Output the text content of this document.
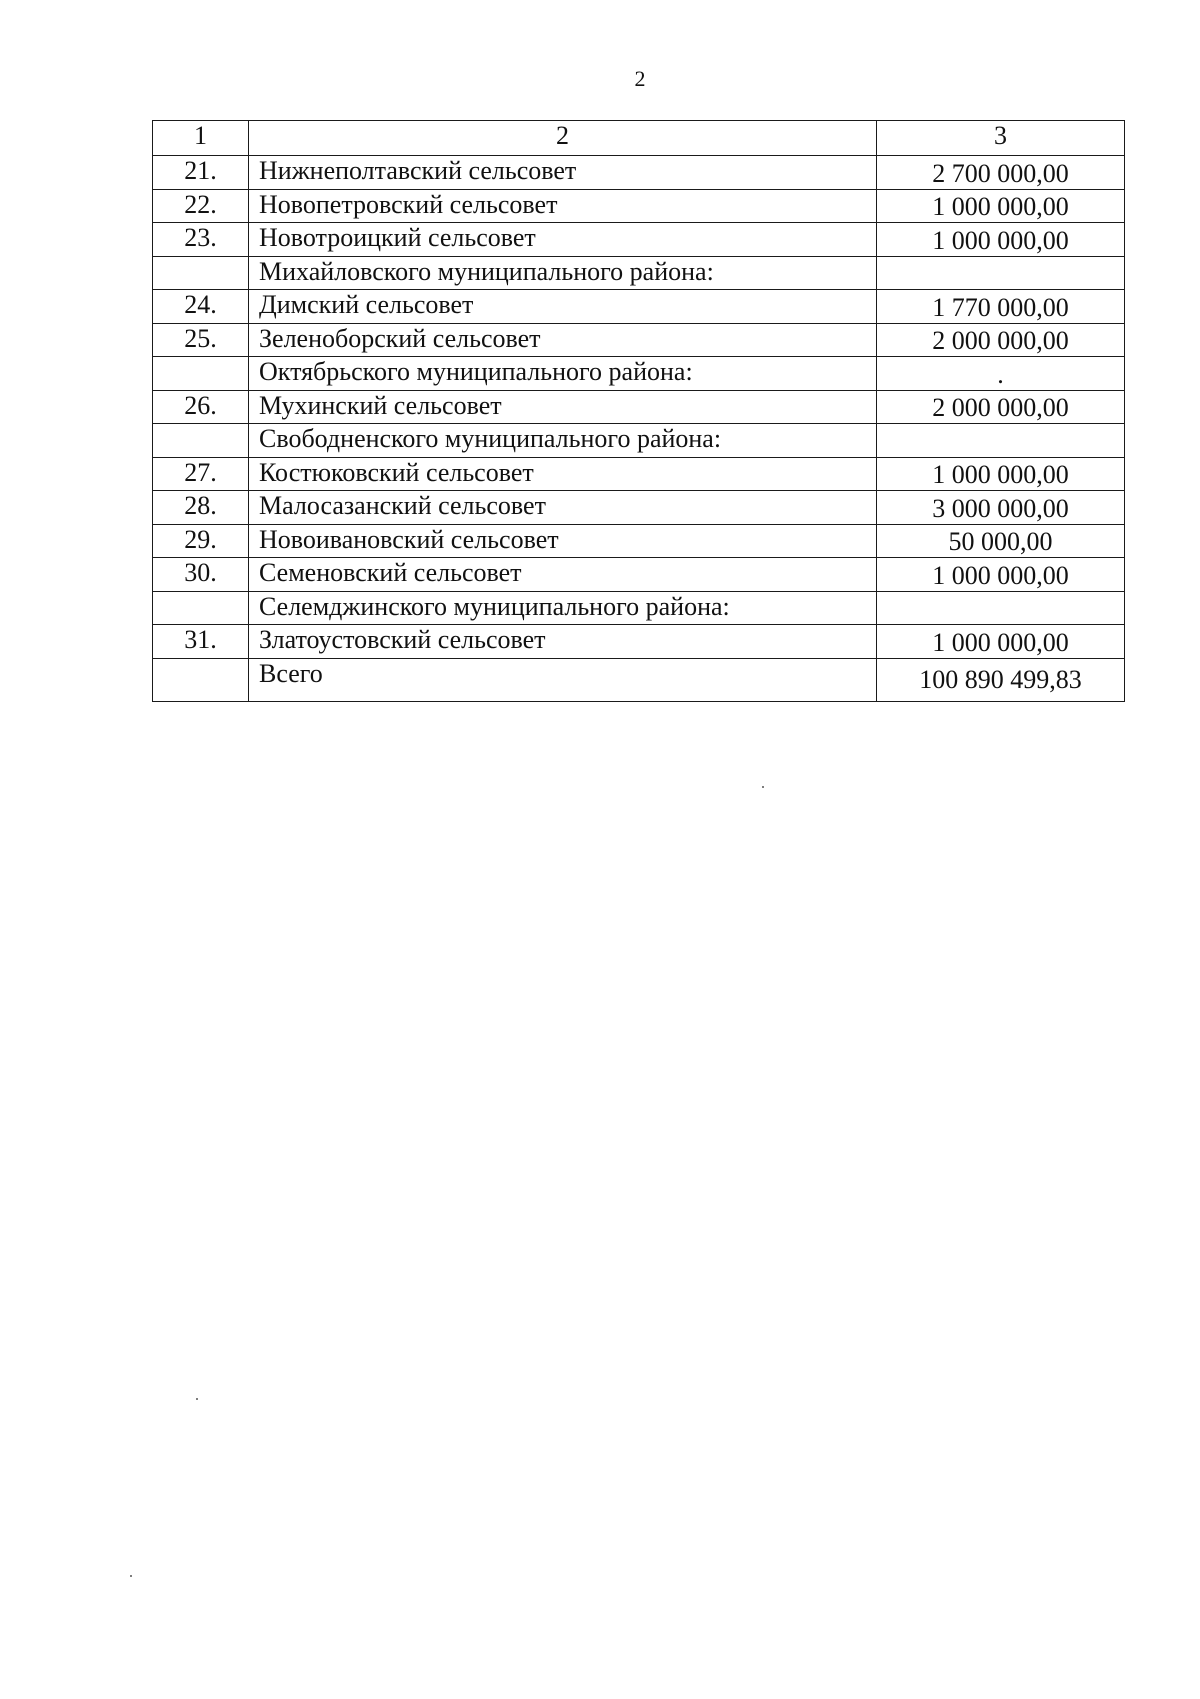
2
1	2	3
21.	Нижнеполтавский сельсовет	2 700 000,00
22.	Новопетровский сельсовет	1 000 000,00
23.	Новотроицкий сельсовет	1 000 000,00
	Михайловского муниципального района:	
24.	Димский сельсовет	1 770 000,00
25.	Зеленоборский сельсовет	2 000 000,00
	Октябрьского муниципального района:	.
26.	Мухинский сельсовет	2 000 000,00
	Свободненского муниципального района:	
27.	Костюковский сельсовет	1 000 000,00
28.	Малосазанский сельсовет	3 000 000,00
29.	Новоивановский сельсовет	50 000,00
30.	Семеновский сельсовет	1 000 000,00
	Селемджинского муниципального района:	
31.	Златоустовский сельсовет	1 000 000,00
	Всего	100 890 499,83
